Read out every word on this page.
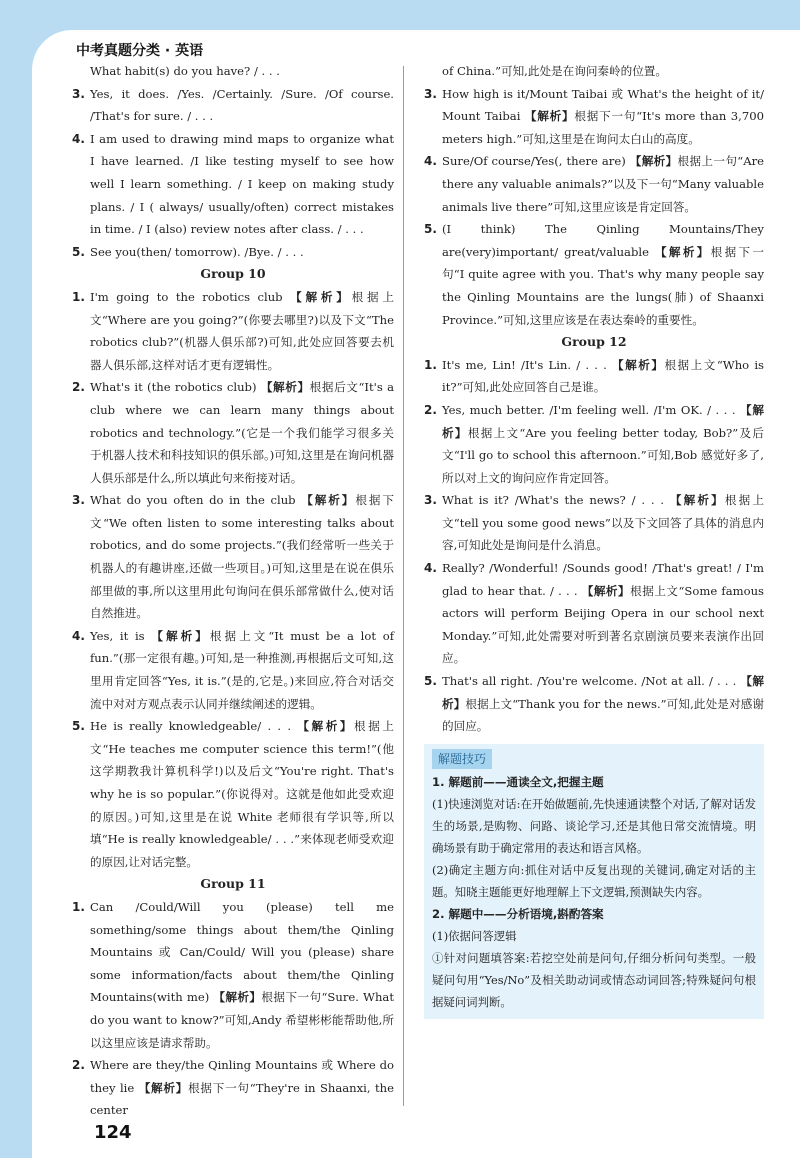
中考真题分类 · 英语

What habit(s) do you have? / . . .

3. Yes, it does. /Yes. /Certainly. /Sure. /Of course. /That's for sure. / . . .

4. I am used to drawing mind maps to organize what I have learned. /I like testing myself to see how well I learn something. / I keep on making study plans. / I ( always/ usually/often) correct mistakes in time. / I (also) review notes after class. / . . .

5. See you(then/ tomorrow). /Bye. / . . .

Group 10

1. I'm going to the robotics club 【解析】根据上文“Where are you going?”(你要去哪里?)以及下文“The robotics club?”(机器人俱乐部?)可知,此处应回答要去机器人俱乐部,这样对话才更有逻辑性。

2. What's it (the robotics club) 【解析】根据后文“It's a club where we can learn many things about robotics and technology.”(它是一个我们能学习很多关于机器人技术和科技知识的俱乐部。)可知,这里是在询问机器人俱乐部是什么,所以填此句来衔接对话。

3. What do you often do in the club 【解析】根据下文“We often listen to some interesting talks about robotics, and do some projects.”(我们经常听一些关于机器人的有趣讲座,还做一些项目。)可知,这里是在说在俱乐部里做的事,所以这里用此句询问在俱乐部常做什么,使对话自然推进。

4. Yes, it is 【解析】根据上文“It must be a lot of fun.”(那一定很有趣。)可知,是一种推测,再根据后文可知,这里用肯定回答“Yes, it is.”(是的,它是。)来回应,符合对话交流中对对方观点表示认同并继续阐述的逻辑。

5. He is really knowledgeable/ . . . 【解析】根据上文“He teaches me computer science this term!”(他这学期教我计算机科学!)以及后文“You're right. That's why he is so popular.”(你说得对。这就是他如此受欢迎的原因。)可知,这里是在说 White 老师很有学识等,所以填“He is really knowledgeable/ . . .”来体现老师受欢迎的原因,让对话完整。

Group 11

1. Can /Could/Will you (please) tell me something/some things about them/the Qinling Mountains 或 Can/Could/ Will you (please) share some information/facts about them/the Qinling Mountains(with me) 【解析】根据下一句“Sure. What do you want to know?”可知,Andy 希望彬彬能帮助他,所以这里应该是请求帮助。

2. Where are they/the Qinling Mountains 或 Where do they lie 【解析】根据下一句“They're in Shaanxi, the center

of China.”可知,此处是在询问秦岭的位置。

3. How high is it/Mount Taibai 或 What's the height of it/ Mount Taibai 【解析】根据下一句“It's more than 3,700 meters high.”可知,这里是在询问太白山的高度。

4. Sure/Of course/Yes(, there are) 【解析】根据上一句“Are there any valuable animals?”以及下一句“Many valuable animals live there”可知,这里应该是肯定回答。

5. (I think) The Qinling Mountains/They are(very)important/ great/valuable 【解析】根据下一句“I quite agree with you. That's why many people say the Qinling Mountains are the lungs(肺) of Shaanxi Province.”可知,这里应该是在表达秦岭的重要性。

Group 12

1. It's me, Lin! /It's Lin. / . . . 【解析】根据上文“Who is it?”可知,此处应回答自己是谁。

2. Yes, much better. /I'm feeling well. /I'm OK. / . . . 【解析】根据上文“Are you feeling better today, Bob?”及后文“I'll go to school this afternoon.”可知,Bob 感觉好多了,所以对上文的询问应作肯定回答。

3. What is it? /What's the news? / . . . 【解析】根据上文“tell you some good news”以及下文回答了具体的消息内容,可知此处是询问是什么消息。

4. Really? /Wonderful! /Sounds good! /That's great! / I'm glad to hear that. / . . . 【解析】根据上文“Some famous actors will perform Beijing Opera in our school next Monday.”可知,此处需要对听到著名京剧演员要来表演作出回应。

5. That's all right. /You're welcome. /Not at all. / . . . 【解析】根据上文“Thank you for the news.”可知,此处是对感谢的回应。

解题技巧
1. 解题前——通读全文,把握主题

(1)快速浏览对话:在开始做题前,先快速通读整个对话,了解对话发生的场景,是购物、问路、谈论学习,还是其他日常交流情境。明确场景有助于确定常用的表达和语言风格。

(2)确定主题方向:抓住对话中反复出现的关键词,确定对话的主题。知晓主题能更好地理解上下文逻辑,预测缺失内容。

2. 解题中——分析语境,斟酌答案

(1)依据问答逻辑

①针对问题填答案:若挖空处前是问句,仔细分析问句类型。一般疑问句用“Yes/No”及相关助动词或情态动词回答;特殊疑问句根据疑问词判断。

124
